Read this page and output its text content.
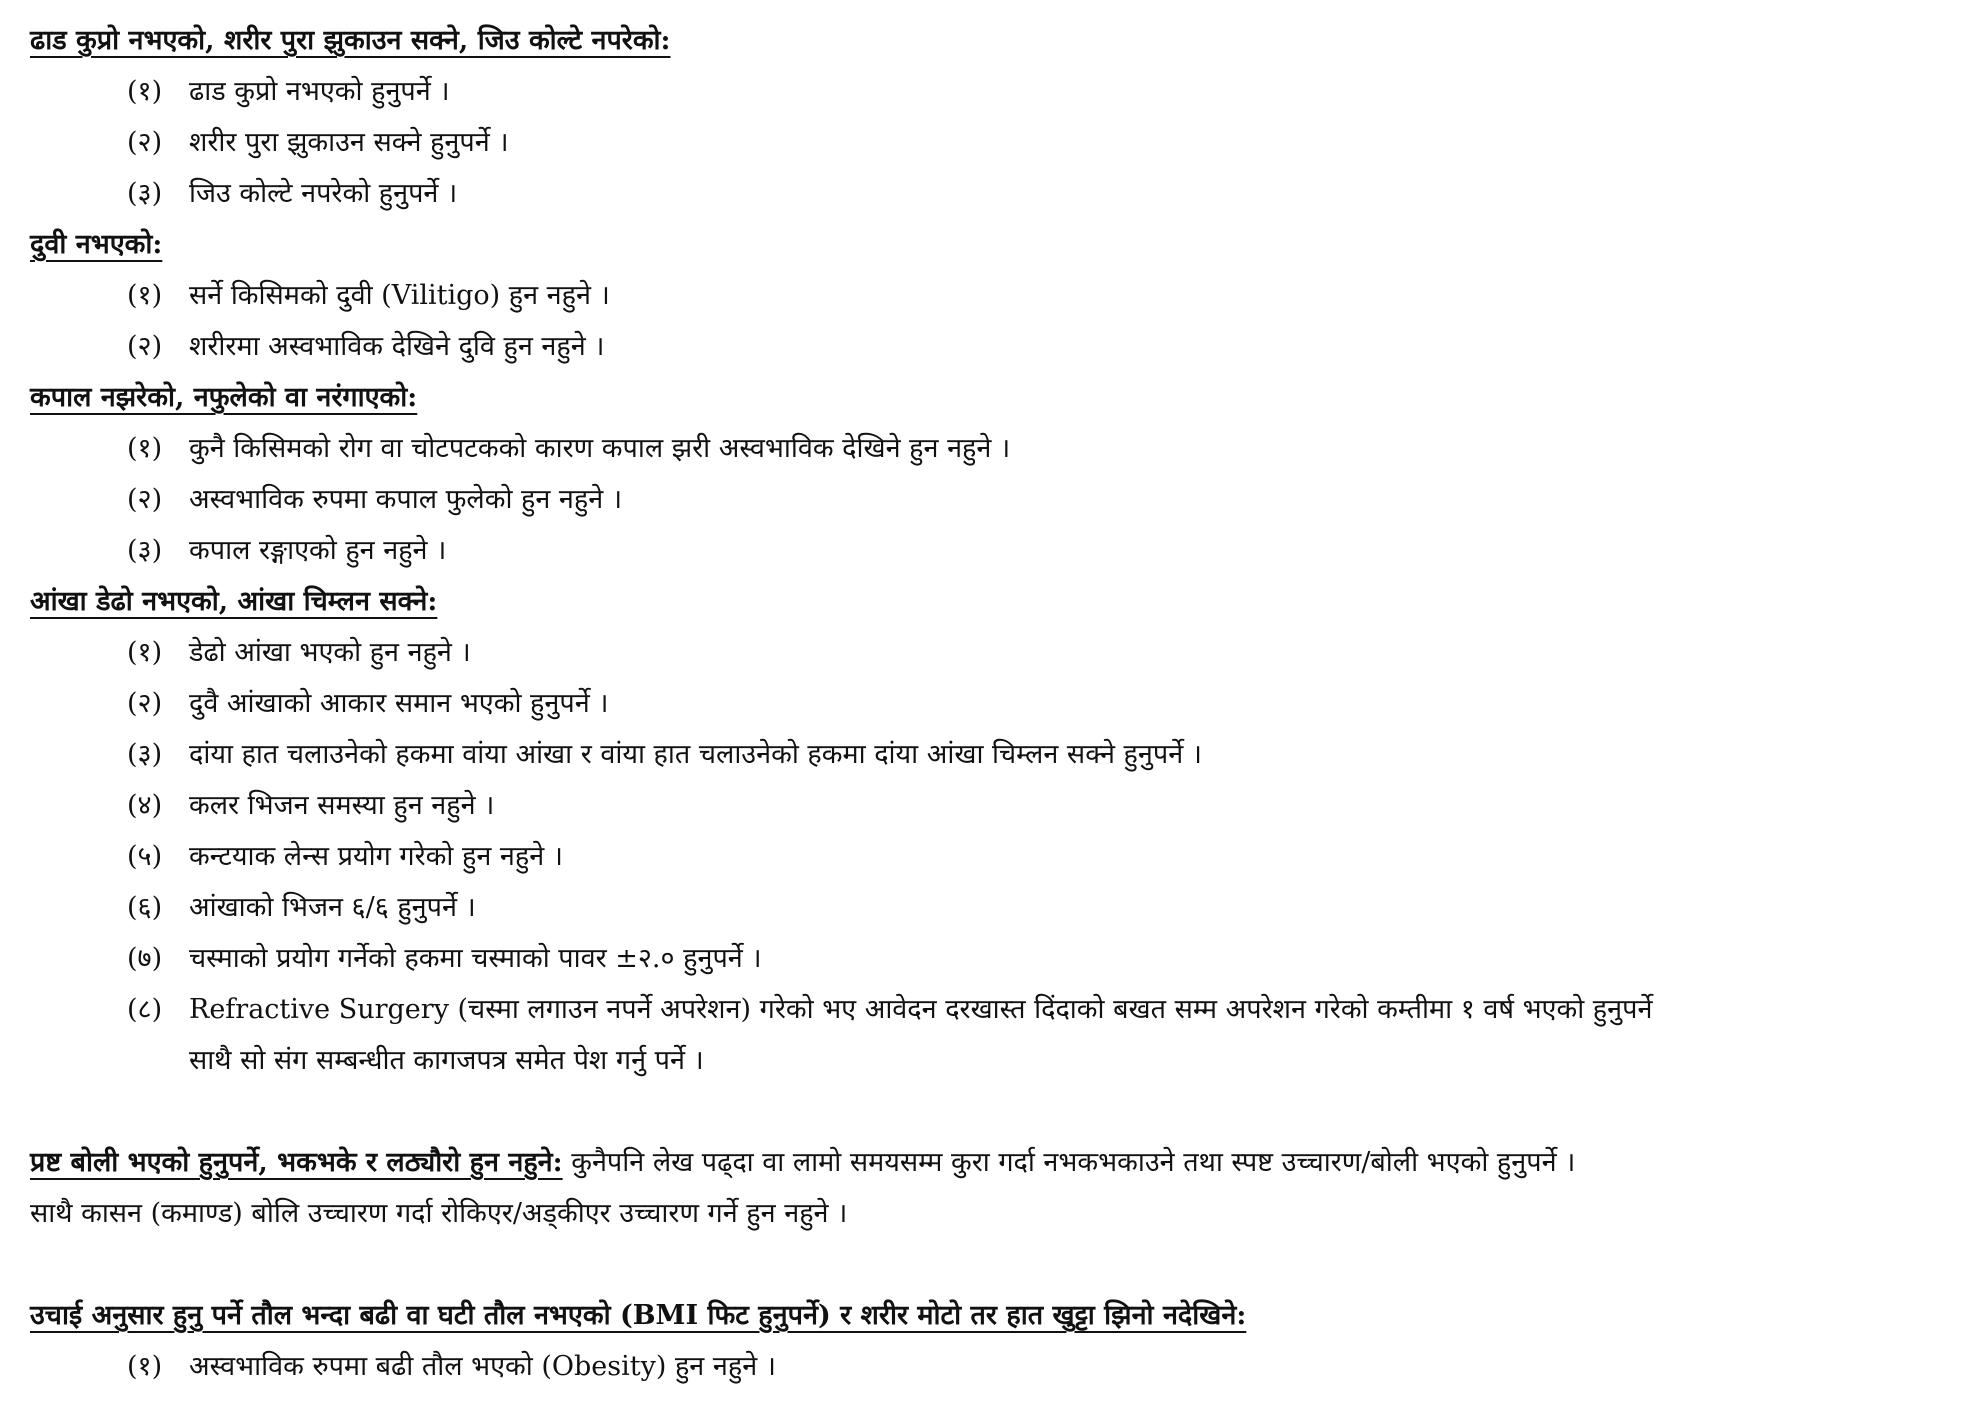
ढाड कुप्रो नभएको, शरीर पुरा झुकाउन सक्ने, जिउ कोल्टे नपरेको:
(१) ढाड कुप्रो नभएको हुनुपर्ने ।
(२) शरीर पुरा झुकाउन सक्ने हुनुपर्ने ।
(३) जिउ कोल्टे नपरेको हुनुपर्ने ।
दुवी नभएको:
(१) सर्ने किसिमको दुवी (Vilitigo) हुन नहुने ।
(२) शरीरमा अस्वभाविक देखिने दुवि हुन नहुने ।
कपाल नझरेको, नफुलेको वा नरंगाएको:
(१) कुनै किसिमको रोग वा चोटपटकको कारण कपाल झरी अस्वभाविक देखिने हुन नहुने ।
(२) अस्वभाविक रुपमा कपाल फुलेको हुन नहुने ।
(३) कपाल रङ्गाएको हुन नहुने ।
आंखा डेढो नभएको, आंखा चिम्लन सक्ने:
(१) डेढो आंखा भएको हुन नहुने ।
(२) दुवै आंखाको आकार समान भएको हुनुपर्ने ।
(३) दांया हात चलाउनेको हकमा वांया आंखा र वांया हात चलाउनेको हकमा दांया आंखा चिम्लन सक्ने हुनुपर्ने ।
(४) कलर भिजन समस्या हुन नहुने ।
(५) कन्टयाक लेन्स प्रयोग गरेको हुन नहुने ।
(६) आंखाको भिजन ६/६ हुनुपर्ने ।
(७) चस्माको प्रयोग गर्नेको हकमा चस्माको पावर ±२.० हुनुपर्ने ।
(८) Refractive Surgery (चस्मा लगाउन नपर्ने अपरेशन) गरेको भए आवेदन दरखास्त दिंदाको बखत सम्म अपरेशन गरेको कम्तीमा १ वर्ष भएको हुनुपर्ने
साथै सो संग सम्बन्धीत कागजपत्र समेत पेश गर्नु पर्ने ।
प्रष्ट बोली भएको हुनुपर्ने, भकभके र लठ्यौरो हुन नहुने: कुनैपनि लेख पढ्दा वा लामो समयसम्म कुरा गर्दा नभकभकाउने तथा स्पष्ट उच्चारण/बोली भएको हुनुपर्ने ।
साथै कासन (कमाण्ड) बोलि उच्चारण गर्दा रोकिएर/अड्कीएर उच्चारण गर्ने हुन नहुने ।
उचाई अनुसार हुनु पर्ने तौल भन्दा बढी वा घटी तौल नभएको (BMI फिट हुनुपर्ने) र शरीर मोटो तर हात खुट्टा झिनो नदेखिने:
(१) अस्वभाविक रुपमा बढी तौल भएको (Obesity) हुन नहुने ।
